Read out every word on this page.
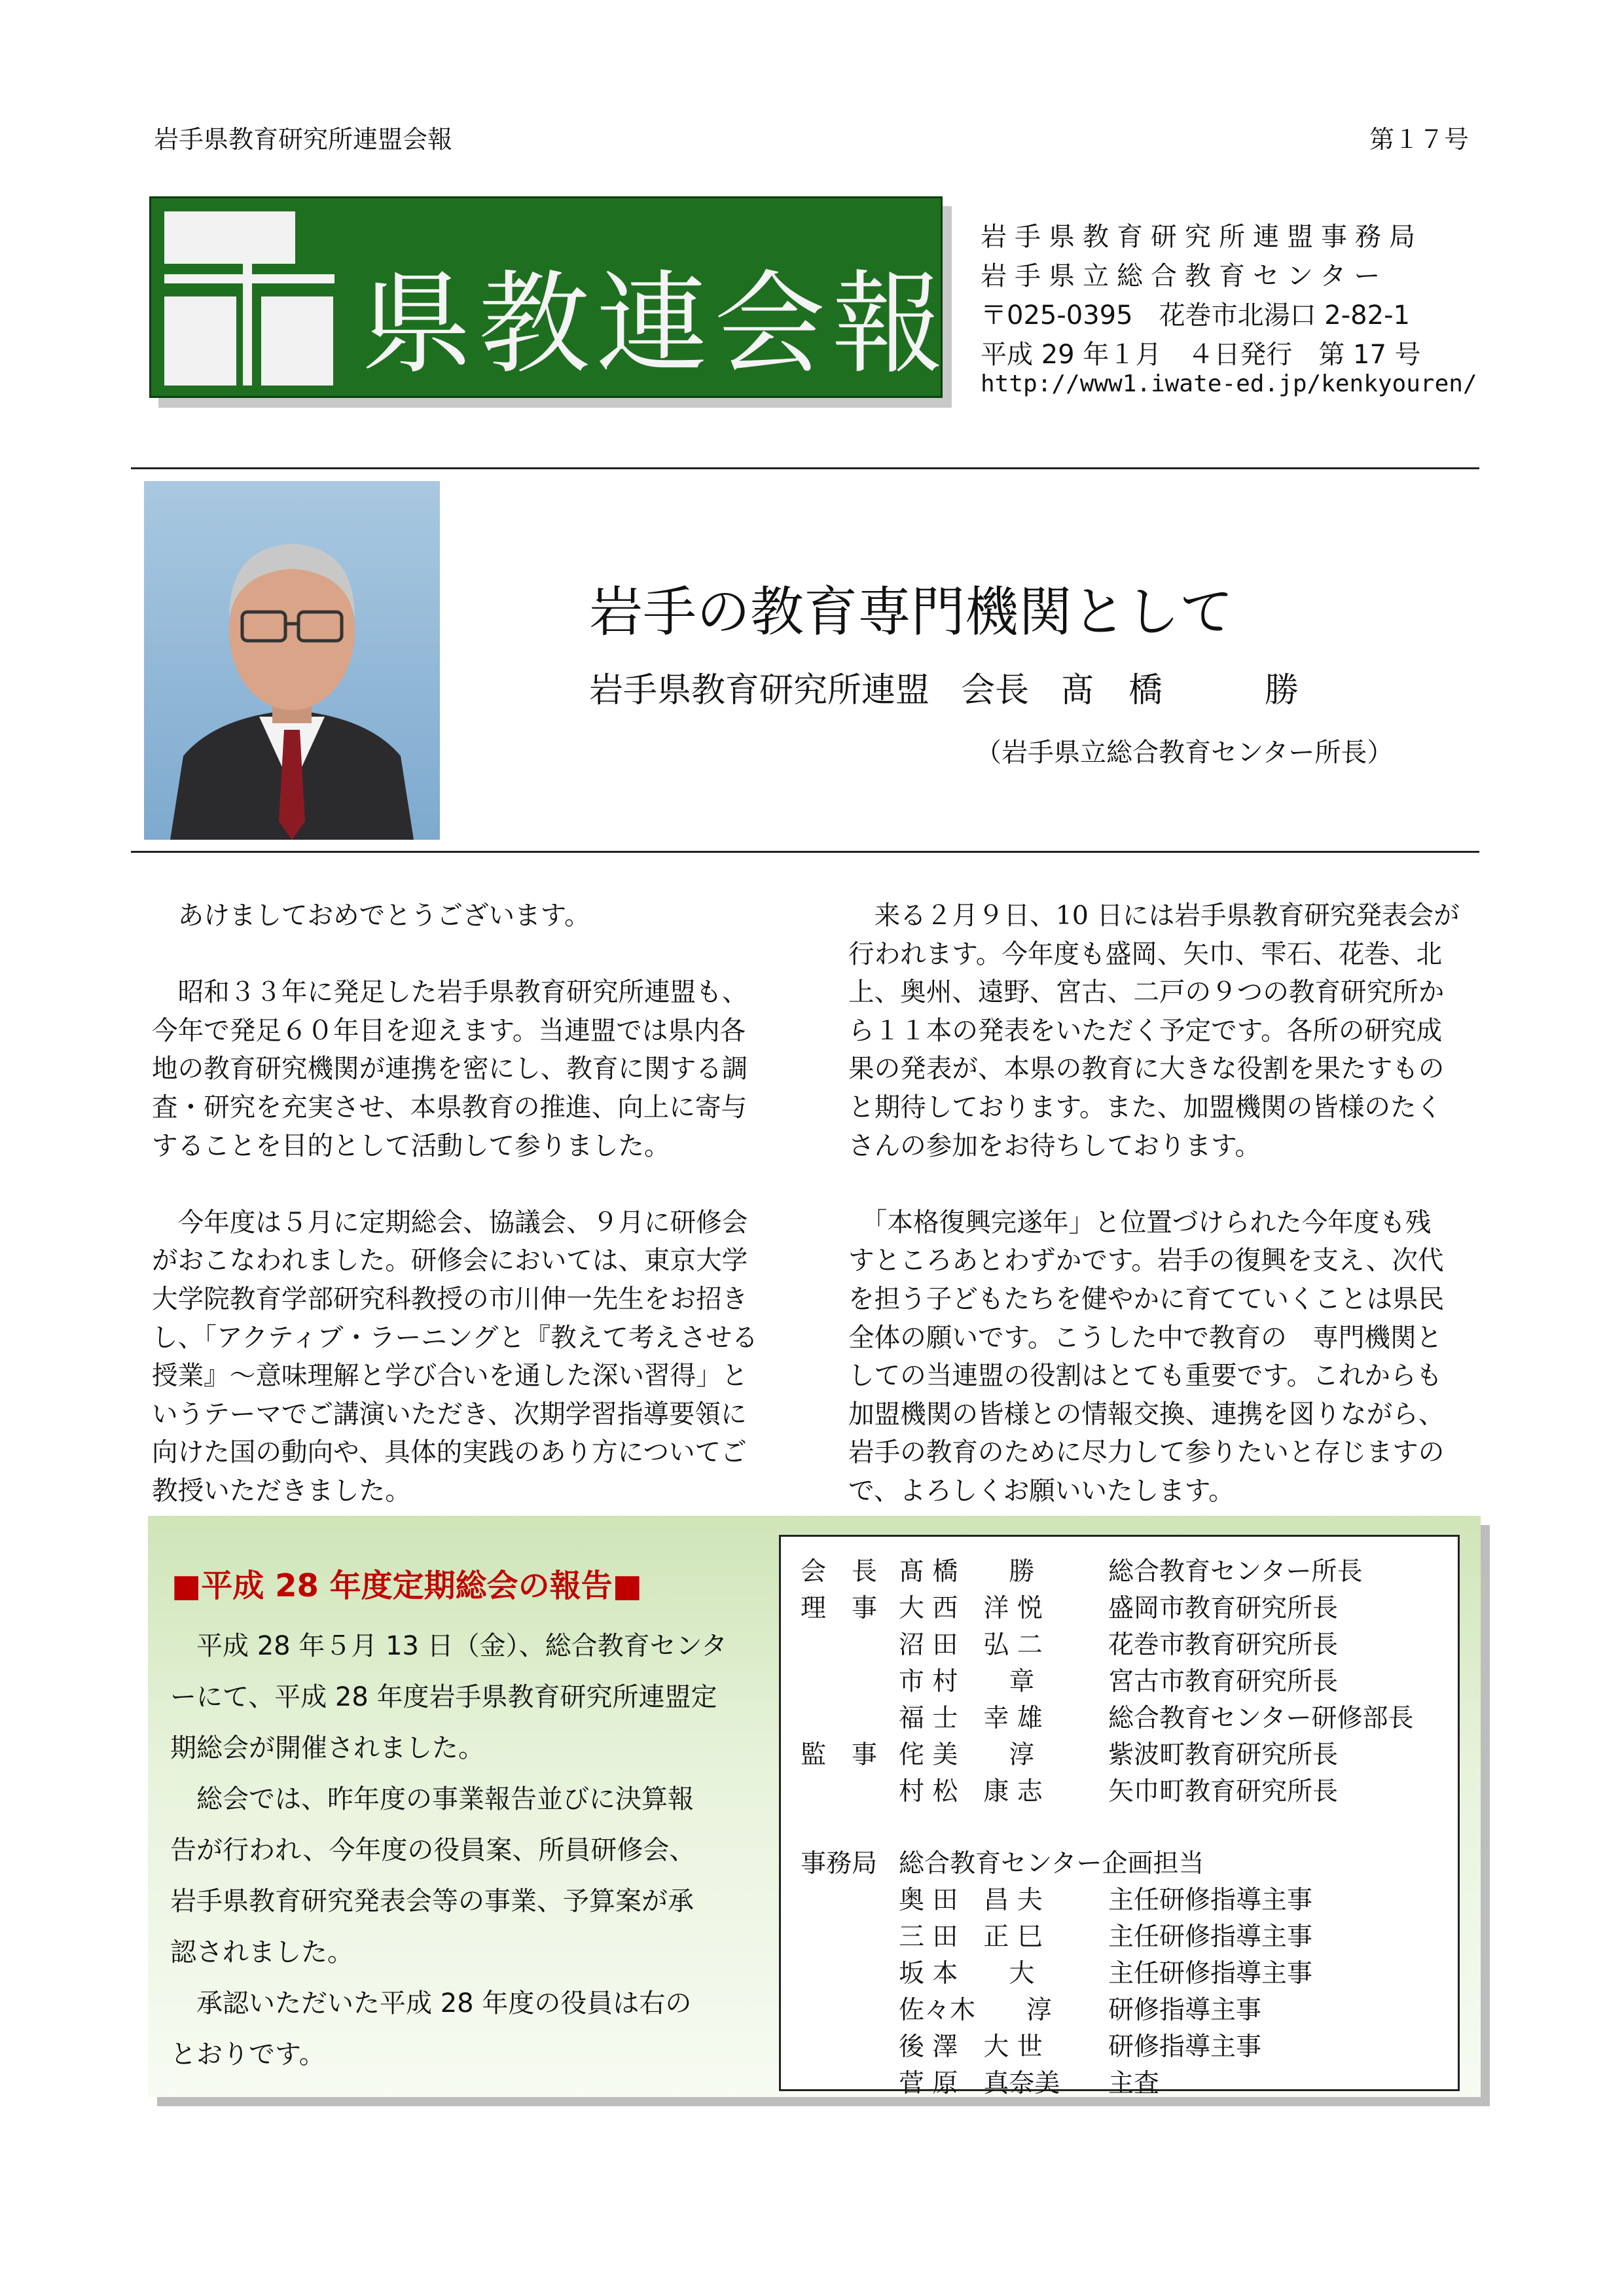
岩手県教育研究所連盟会報	第１７号
県教連会報
岩手県教育研究所連盟事務局
岩手県立総合教育センター
〒025-0395　花巻市北湯口 2-82-1
平成 29 年１月　４日発行　第 17 号
http://www1.iwate-ed.jp/kenkyouren/
岩手の教育専門機関として
岩手県教育研究所連盟 会長 髙　橋　　　勝
（岩手県立総合教育センター所長）

　あけましておめでとうございます。

　昭和３３年に発足した岩手県教育研究所連盟も、

今年で発足６０年目を迎えます。当連盟では県内各

地の教育研究機関が連携を密にし、教育に関する調

査・研究を充実させ、本県教育の推進、向上に寄与

することを目的として活動して参りました。

　今年度は５月に定期総会、協議会、９月に研修会

がおこなわれました。研修会においては、東京大学

大学院教育学部研究科教授の市川伸一先生をお招き

し、「アクティブ・ラーニングと『教えて考えさせる

授業』～意味理解と学び合いを通した深い習得」と

いうテーマでご講演いただき、次期学習指導要領に

向けた国の動向や、具体的実践のあり方についてご

教授いただきました。

　来る２月９日、10 日には岩手県教育研究発表会が

行われます。今年度も盛岡、矢巾、雫石、花巻、北

上、奥州、遠野、宮古、二戸の９つの教育研究所か

ら１１本の発表をいただく予定です。各所の研究成

果の発表が、本県の教育に大きな役割を果たすもの

と期待しております。また、加盟機関の皆様のたく

さんの参加をお待ちしております。

　「本格復興完遂年」と位置づけられた今年度も残

すところあとわずかです。岩手の復興を支え、次代

を担う子どもたちを健やかに育てていくことは県民

全体の願いです。こうした中で教育の　専門機関と

しての当連盟の役割はとても重要です。これからも

加盟機関の皆様との情報交換、連携を図りながら、

岩手の教育のために尽力して参りたいと存じますの

で、よろしくお願いいたします。

■平成 28 年度定期総会の報告■

　平成 28 年５月 13 日（金）、総合教育センタ

ーにて、平成 28 年度岩手県教育研究所連盟定

期総会が開催されました。

　総会では、昨年度の事業報告並びに決算報

告が行われ、今年度の役員案、所員研修会、

岩手県教育研究発表会等の事業、予算案が承

認されました。

　承認いただいた平成 28 年度の役員は右の

とおりです。

会　長	髙 橋　　勝	総合教育センター所長
理　事	大 西　洋 悦	盛岡市教育研究所長
	沼 田　弘 二	花巻市教育研究所長
	市 村　　章	宮古市教育研究所長
	福 士　幸 雄	総合教育センター研修部長
監　事	侘 美　　淳	紫波町教育研究所長
	村 松　康 志	矢巾町教育研究所長

事務局	総合教育センター企画担当	
	奥 田　昌 夫	主任研修指導主事
	三 田　正 巳	主任研修指導主事
	坂 本　　大	主任研修指導主事
	佐々木　　淳	研修指導主事
	後 澤　大 世	研修指導主事
	菅 原　真奈美	主査
